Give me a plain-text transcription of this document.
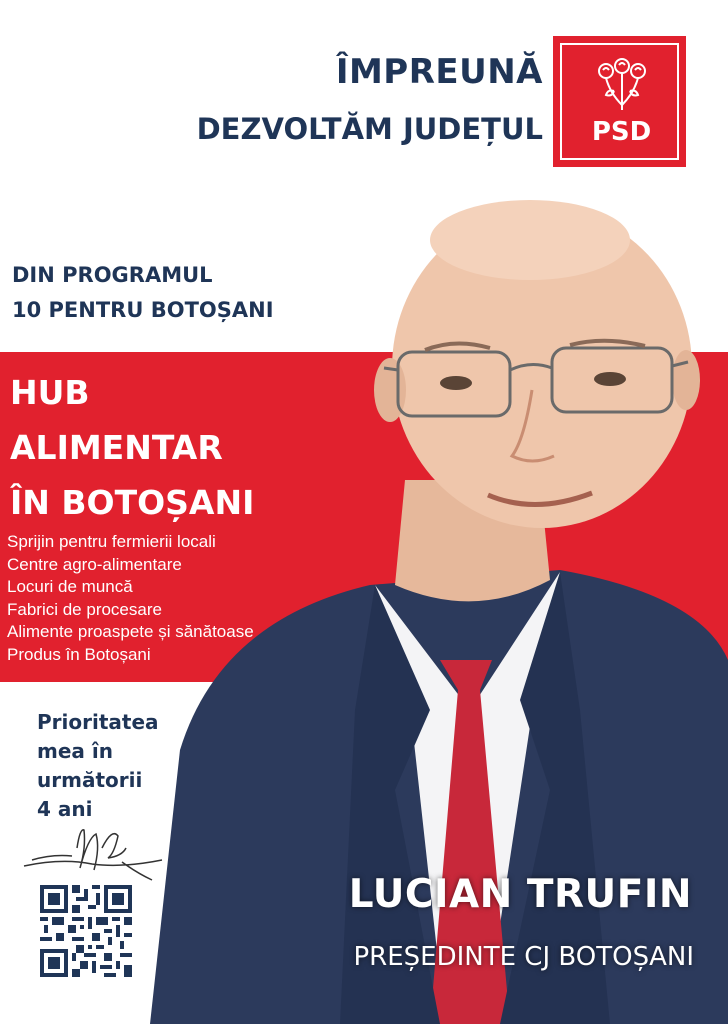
ÎMPREUNĂ
DEZVOLTĂM JUDEȚUL	PSD
DIN PROGRAMUL
10 PENTRU BOTOȘANI
HUB
ALIMENTAR
ÎN BOTOȘANI
Sprijin pentru fermierii locali
Centre agro-alimentare
Locuri de muncă
Fabrici de procesare
Alimente proaspete și sănătoase
Produs în Botoșani
Prioritatea
mea în
următorii
4 ani
LUCIAN TRUFIN
PREȘEDINTE CJ BOTOȘANI
